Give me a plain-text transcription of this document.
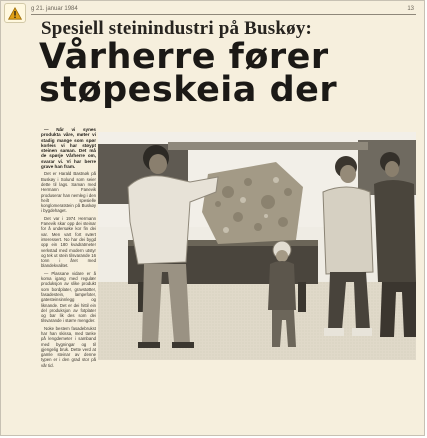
g 21. januar 1984	13
Spesiell steinindustri på Buskøy:
Vårherre fører
støpeskeia der

— Når vi synes produkta våre, møter vi stadig mange som spør korleis vi har støypt steinen saman. Det må de spørje Vårherre om, svarar vi. Vi har berre grave han fram.

Det er Harald Bastnøk på Buskøy i Solund som seier dette til lags. Saman med Hermann Fanevik produserar han nemleg i den heilt spesielle konglomeratstein på Buskøy i bygdehaget.

Det var i 1974 Hermann Fanevik skar opp dei steinar for å undersøke kor fin dei var. Men vart fort svært interessert. No har dei bygd opp ein 180 kvadratmeter verkstad med modern utstyr og tek ut stein tilsvarande 16 tonn i året med blandekvalitet.

— Plassane vidare er å koma igang med regulær produksjon av slike produkt som bordplater, gravstøtter, fasadestein, lampefoter, gatesteinsinnlegg og liknande. Det er dei hittil ein del produksjon av fotplater og bar lik des som dei tilsvarande i større mengder.

Noke bestem fasadebrukst har han skissa, med tanke på lengdemeter i samband med bygningar og til gjengelig bruk. Dette verd at gamle steinar av denne typen er i den grad stor på vår tid.
